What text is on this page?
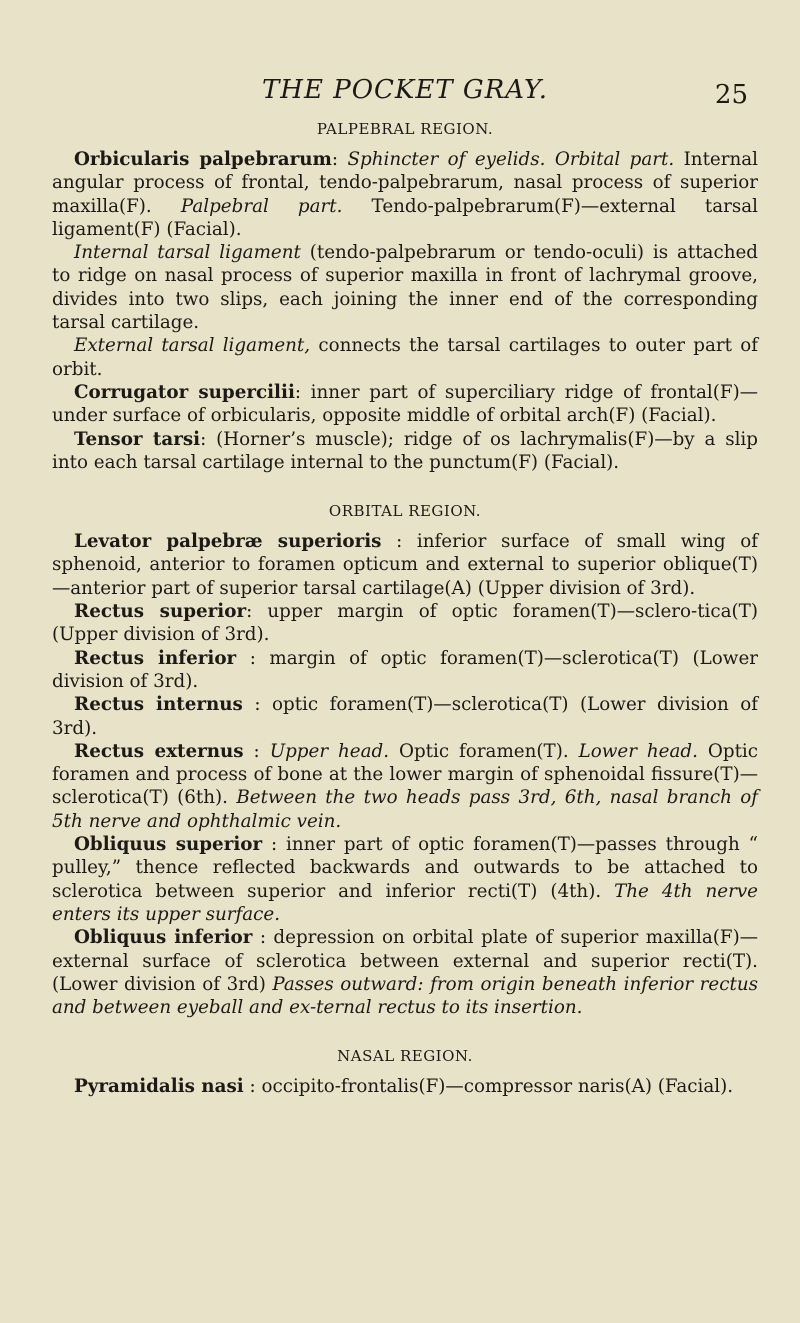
THE POCKET GRAY.	25
PALPEBRAL REGION.

Orbicularis palpebrarum: Sphincter of eyelids. Orbital part. Internal angular process of frontal, tendo-palpebrarum, nasal process of superior maxilla(F). Palpebral part. Tendo-palpebrarum(F)—external tarsal ligament(F) (Facial).

Internal tarsal ligament (tendo-palpebrarum or tendo-oculi) is attached to ridge on nasal process of superior maxilla in front of lachrymal groove, divides into two slips, each joining the inner end of the corresponding tarsal cartilage.

External tarsal ligament, connects the tarsal cartilages to outer part of orbit.

Corrugator supercilii: inner part of superciliary ridge of frontal(F)—under surface of orbicularis, opposite middle of orbital arch(F) (Facial).

Tensor tarsi: (Horner’s muscle); ridge of os lachrymalis(F)—by a slip into each tarsal cartilage internal to the punctum(F) (Facial).

ORBITAL REGION.

Levator palpebræ superioris : inferior surface of small wing of sphenoid, anterior to foramen opticum and external to superior oblique(T)—anterior part of superior tarsal cartilage(A) (Upper division of 3rd).

Rectus superior: upper margin of optic foramen(T)—sclero-tica(T) (Upper division of 3rd).

Rectus inferior : margin of optic foramen(T)—sclerotica(T) (Lower division of 3rd).

Rectus internus : optic foramen(T)—sclerotica(T) (Lower division of 3rd).

Rectus externus : Upper head. Optic foramen(T). Lower head. Optic foramen and process of bone at the lower margin of sphenoidal fissure(T)—sclerotica(T) (6th). Between the two heads pass 3rd, 6th, nasal branch of 5th nerve and ophthalmic vein.

Obliquus superior : inner part of optic foramen(T)—passes through “ pulley,” thence reflected backwards and outwards to be attached to sclerotica between superior and inferior recti(T) (4th). The 4th nerve enters its upper surface.

Obliquus inferior : depression on orbital plate of superior maxilla(F)—external surface of sclerotica between external and superior recti(T). (Lower division of 3rd) Passes outward: from origin beneath inferior rectus and between eyeball and ex-ternal rectus to its insertion.

NASAL REGION.

Pyramidalis nasi : occipito-frontalis(F)—compressor naris(A) (Facial).
